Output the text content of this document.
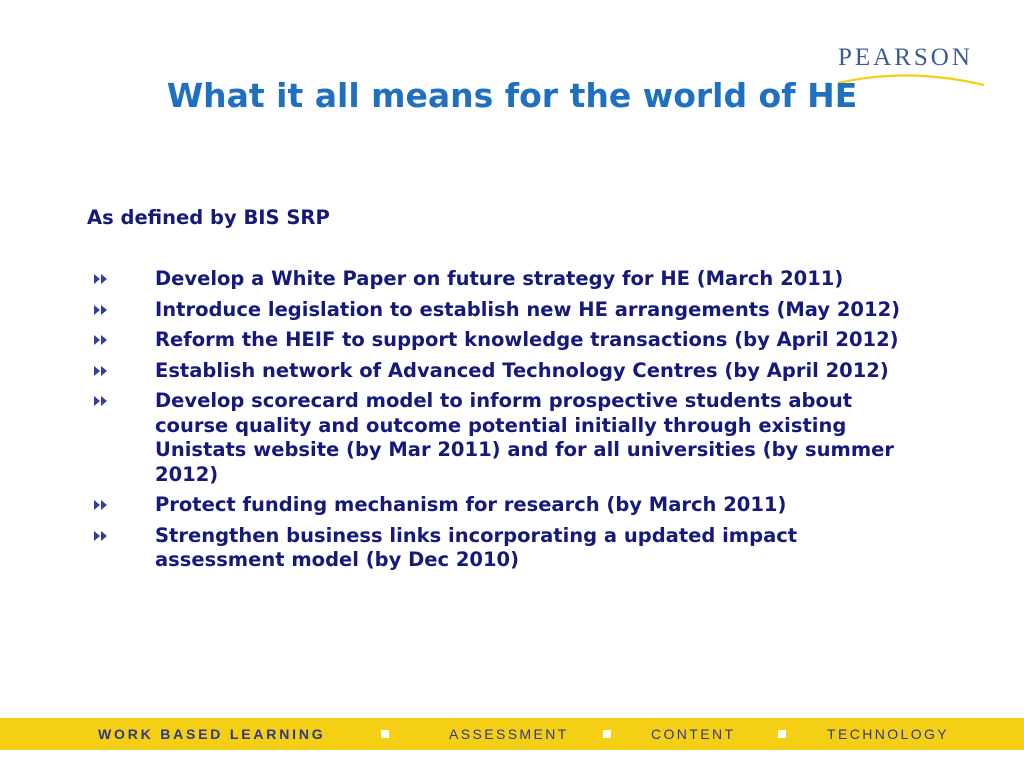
PEARSON
What it all means for the world of HE
As defined by BIS SRP
Develop a White Paper on future strategy for HE (March 2011)
Introduce legislation to establish new HE arrangements (May 2012)
Reform the HEIF to support knowledge transactions (by April 2012)
Establish network of Advanced Technology Centres (by April 2012)
Develop scorecard model to inform prospective students about course quality and outcome potential initially through existing Unistats website (by Mar 2011) and for all universities (by summer 2012)
Protect funding mechanism for research (by March 2011)
Strengthen business links incorporating a updated impact assessment model (by Dec 2010)
WORK BASED LEARNING	ASSESSMENT	CONTENT	TECHNOLOGY
